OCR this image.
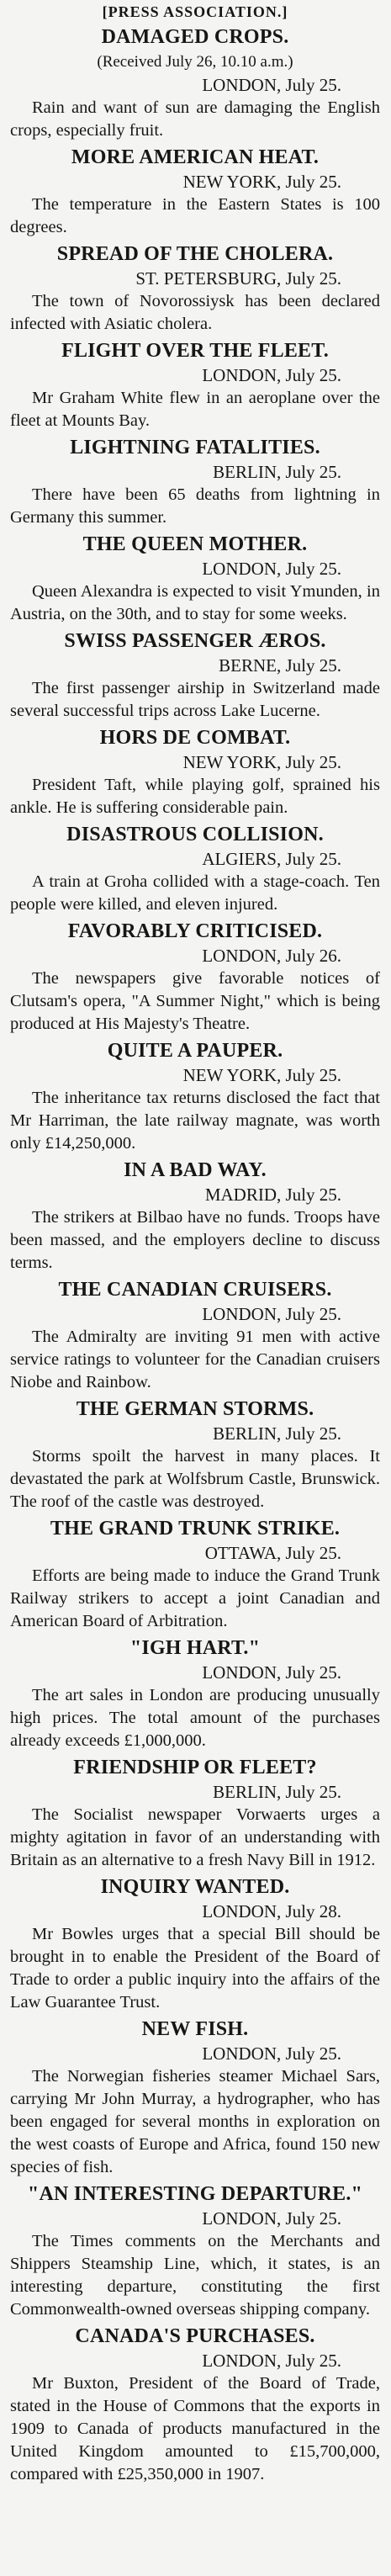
[PRESS ASSOCIATION.]
DAMAGED CROPS.
(Received July 26, 10.10 a.m.)
LONDON, July 25.

Rain and want of sun are damaging the English crops, especially fruit.

MORE AMERICAN HEAT.
NEW YORK, July 25.

The temperature in the Eastern States is 100 degrees.

SPREAD OF THE CHOLERA.
ST. PETERSBURG, July 25.

The town of Novorossiysk has been declared infected with Asiatic cholera.

FLIGHT OVER THE FLEET.
LONDON, July 25.

Mr Graham White flew in an aeroplane over the fleet at Mounts Bay.

LIGHTNING FATALITIES.
BERLIN, July 25.

There have been 65 deaths from lightning in Germany this summer.

THE QUEEN MOTHER.
LONDON, July 25.

Queen Alexandra is expected to visit Ymunden, in Austria, on the 30th, and to stay for some weeks.

SWISS PASSENGER ÆROS.
BERNE, July 25.

The first passenger airship in Switzerland made several successful trips across Lake Lucerne.

HORS DE COMBAT.
NEW YORK, July 25.

President Taft, while playing golf, sprained his ankle. He is suffering considerable pain.

DISASTROUS COLLISION.
ALGIERS, July 25.

A train at Groha collided with a stage-coach. Ten people were killed, and eleven injured.

FAVORABLY CRITICISED.
LONDON, July 26.

The newspapers give favorable notices of Clutsam's opera, "A Summer Night," which is being produced at His Majesty's Theatre.

QUITE A PAUPER.
NEW YORK, July 25.

The inheritance tax returns disclosed the fact that Mr Harriman, the late railway magnate, was worth only £14,250,000.

IN A BAD WAY.
MADRID, July 25.

The strikers at Bilbao have no funds. Troops have been massed, and the employers decline to discuss terms.

THE CANADIAN CRUISERS.
LONDON, July 25.

The Admiralty are inviting 91 men with active service ratings to volunteer for the Canadian cruisers Niobe and Rainbow.

THE GERMAN STORMS.
BERLIN, July 25.

Storms spoilt the harvest in many places. It devastated the park at Wolfsbrum Castle, Brunswick. The roof of the castle was destroyed.

THE GRAND TRUNK STRIKE.
OTTAWA, July 25.

Efforts are being made to induce the Grand Trunk Railway strikers to accept a joint Canadian and American Board of Arbitration.

"IGH HART."
LONDON, July 25.

The art sales in London are producing unusually high prices. The total amount of the purchases already exceeds £1,000,000.

FRIENDSHIP OR FLEET?
BERLIN, July 25.

The Socialist newspaper Vorwaerts urges a mighty agitation in favor of an understanding with Britain as an alternative to a fresh Navy Bill in 1912.

INQUIRY WANTED.
LONDON, July 28.

Mr Bowles urges that a special Bill should be brought in to enable the President of the Board of Trade to order a public inquiry into the affairs of the Law Guarantee Trust.

NEW FISH.
LONDON, July 25.

The Norwegian fisheries steamer Michael Sars, carrying Mr John Murray, a hydrographer, who has been engaged for several months in exploration on the west coasts of Europe and Africa, found 150 new species of fish.

"AN INTERESTING DEPARTURE."
LONDON, July 25.

The Times comments on the Merchants and Shippers Steamship Line, which, it states, is an interesting departure, constituting the first Commonwealth-owned overseas shipping company.

CANADA'S PURCHASES.
LONDON, July 25.

Mr Buxton, President of the Board of Trade, stated in the House of Commons that the exports in 1909 to Canada of products manufactured in the United Kingdom amounted to £15,700,000, compared with £25,350,000 in 1907.
